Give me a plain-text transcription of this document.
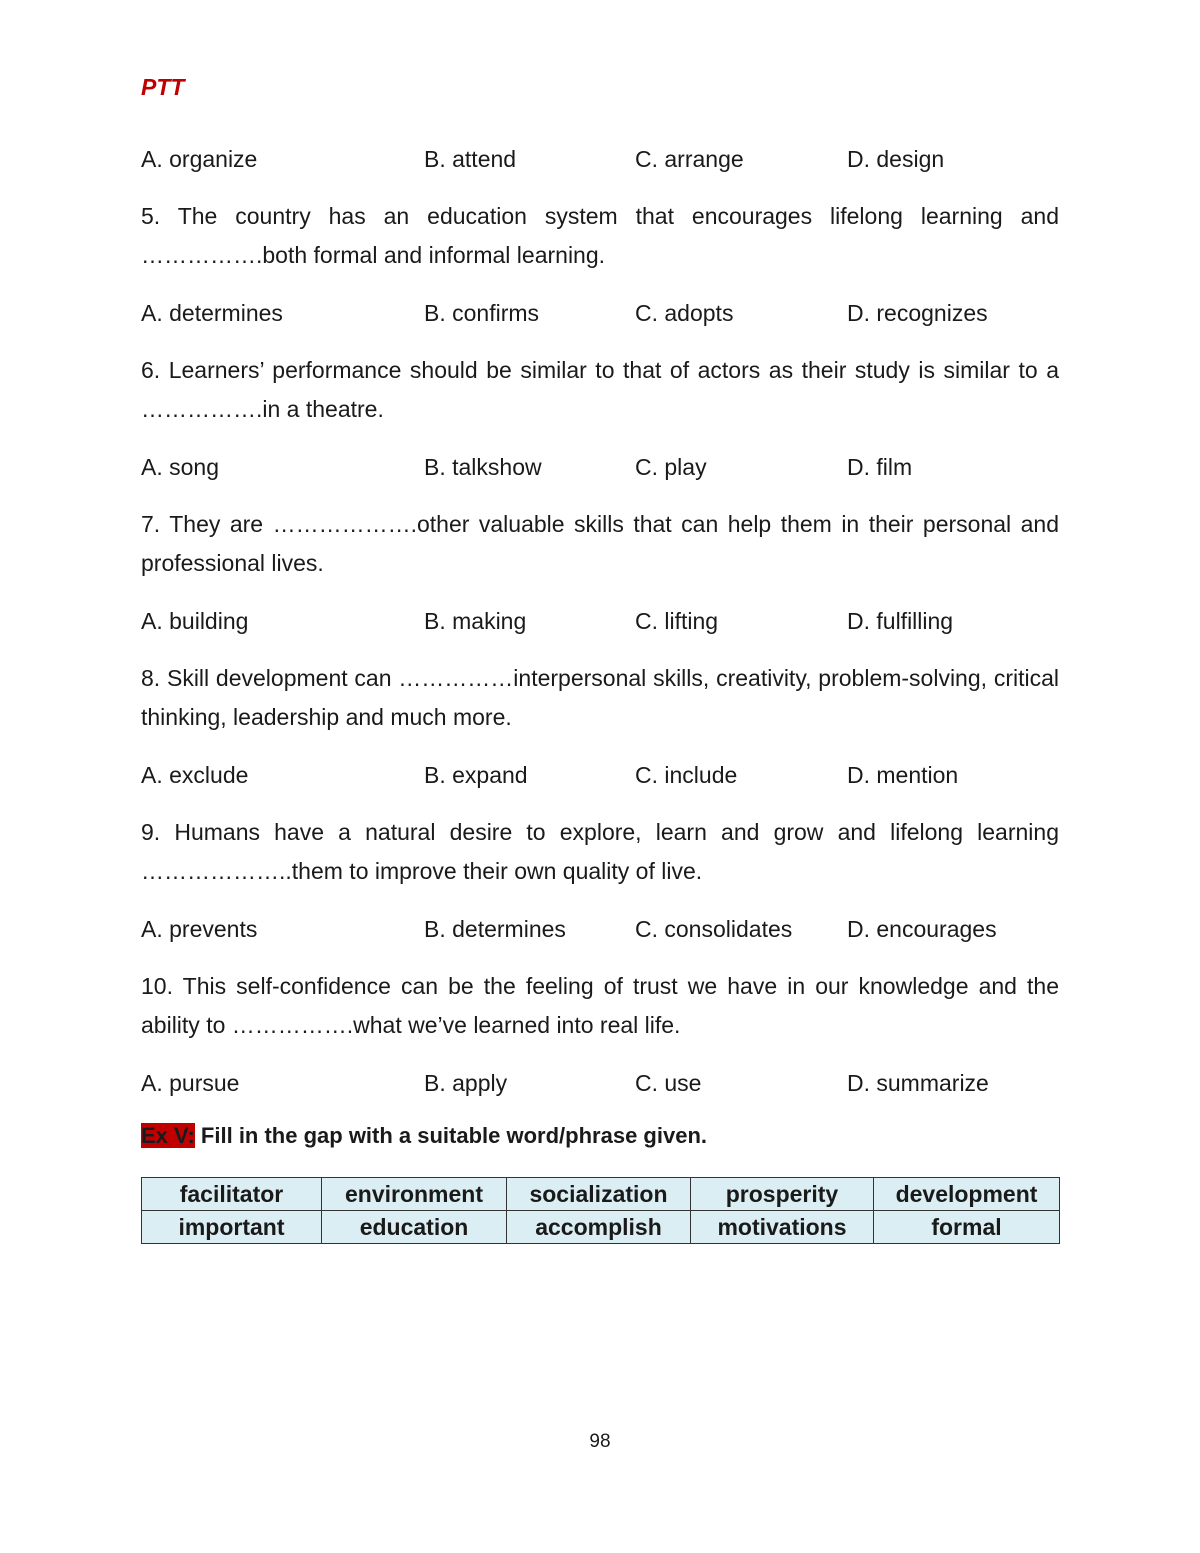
PTT
A. organize	B. attend	C. arrange	D. design

5. The country has an education system that encourages lifelong learning and …………….both formal and informal learning.

A. determines	B. confirms	C. adopts	D. recognizes

6. Learners’ performance should be similar to that of actors as their study is similar to a …………….in a theatre.

A. song	B. talkshow	C. play	D. film

7. They are ……………….other valuable skills that can help them in their personal and professional lives.

A. building	B. making	C. lifting	D. fulfilling

8. Skill development can ……………interpersonal skills, creativity, problem-solving, critical thinking, leadership and much more.

A. exclude	B. expand	C. include	D. mention

9. Humans have a natural desire to explore, learn and grow and lifelong learning ………………..them to improve their own quality of live.

A. prevents	B. determines	C. consolidates	D. encourages

10. This self-confidence can be the feeling of trust we have in our knowledge and the ability to …………….what we’ve learned into real life.

A. pursue	B. apply	C. use	D. summarize
Ex V: Fill in the gap with a suitable word/phrase given.
facilitator	environment	socialization	prosperity	development
important	education	accomplish	motivations	formal
98
